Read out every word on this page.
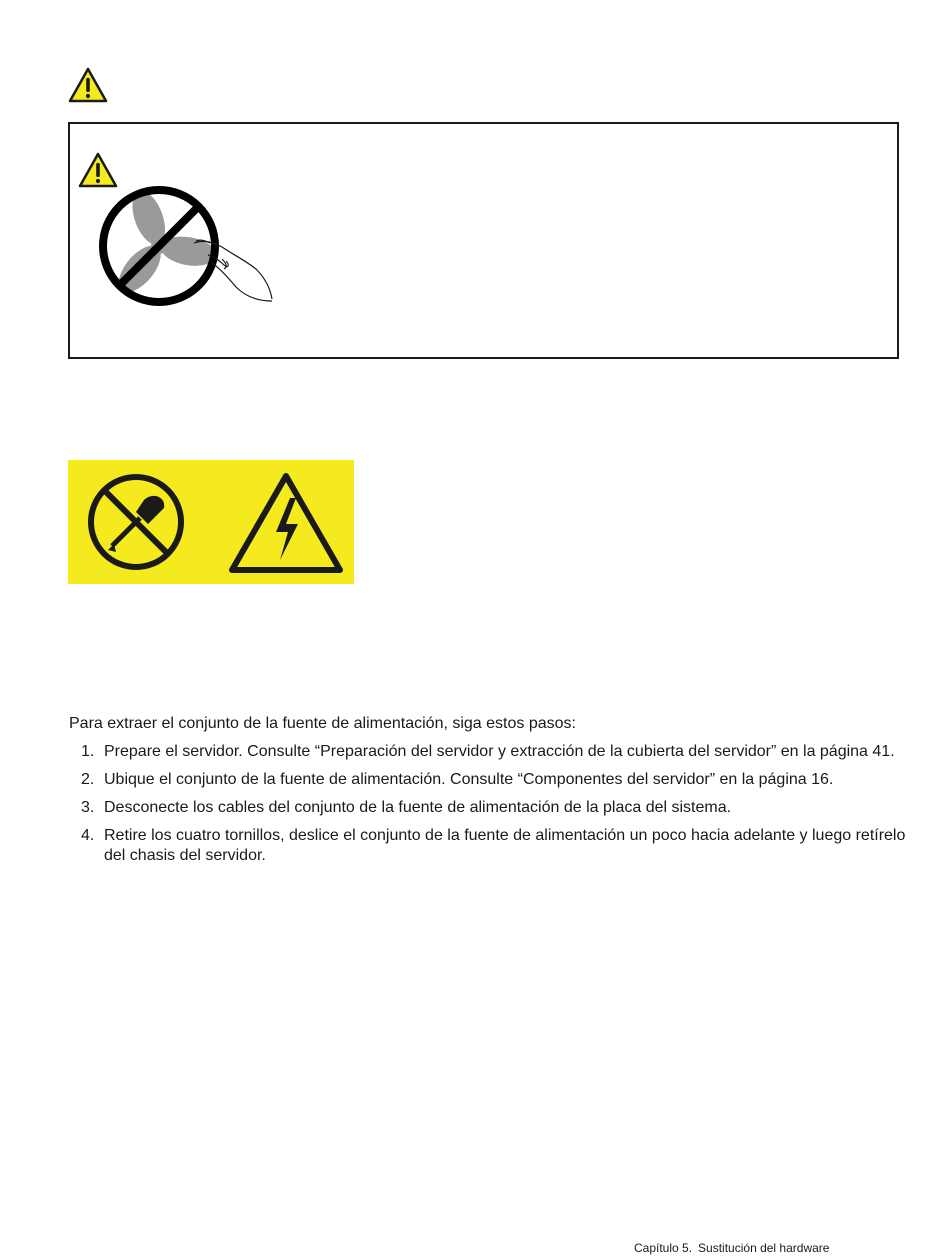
Para extraer el conjunto de la fuente de alimentación, siga estos pasos:
1. Prepare el servidor. Consulte “Preparación del servidor y extracción de la cubierta del servidor” en la página 41.
2. Ubique el conjunto de la fuente de alimentación. Consulte “Componentes del servidor” en la página 16.
3. Desconecte los cables del conjunto de la fuente de alimentación de la placa del sistema.
4. Retire los cuatro tornillos, deslice el conjunto de la fuente de alimentación un poco hacia adelante y luego retírelo del chasis del servidor.
Capítulo 5. Sustitución del hardware
